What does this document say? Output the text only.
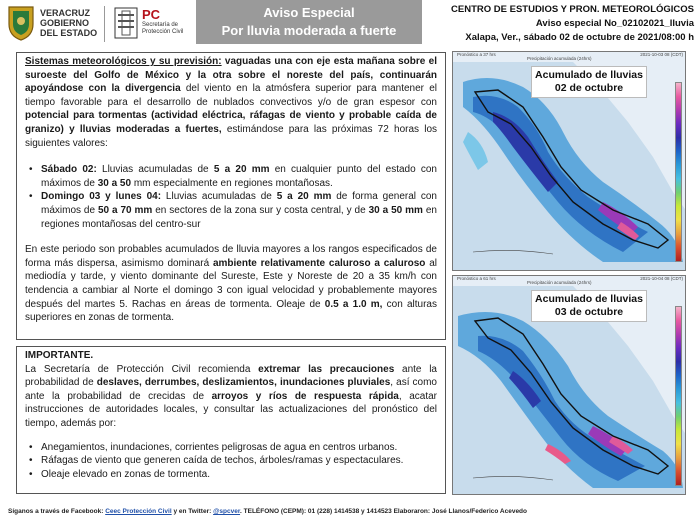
VERACRUZ
GOBIERNO
DEL ESTADO
PC
Secretaría de
Protección Civil
Aviso Especial
Por lluvia moderada a fuerte
CENTRO DE ESTUDIOS Y PRON. METEOROLÓGICOS
Aviso especial No_02102021_lluvia
Xalapa, Ver., sábado 02 de octubre de 2021/08:00 h

Sistemas meteorológicos y su previsión: vaguadas una con eje esta mañana sobre el suroeste del Golfo de México y la otra sobre el noreste del país, continuarán apoyándose con la divergencia del viento en la atmósfera superior para mantener el tiempo favorable para el desarrollo de nublados convectivos y/o de gran espesor con potencial para tormentas (actividad eléctrica, ráfagas de viento y probable caída de granizo) y lluvias moderadas a fuertes, estimándose para las próximas 72 horas los siguientes valores:

• Sábado 02: Lluvias acumuladas de 5 a 20 mm en cualquier punto del estado con máximos de 30 a 50 mm especialmente en regiones montañosas.
• Domingo 03 y lunes 04: Lluvias acumuladas de 5 a 20 mm de forma general con máximos de 50 a 70 mm en sectores de la zona sur y costa central, y de 30 a 50 mm en regiones montañosas del centro-sur

En este periodo son probables acumulados de lluvia mayores a los rangos especificados de forma más dispersa, asimismo dominará ambiente relativamente caluroso a caluroso al mediodía y tarde, y viento dominante del Sureste, Este y Noreste de 20 a 35 km/h con tendencia a cambiar al Norte el domingo 3 con igual velocidad y probablemente mayores después del martes 5. Rachas en áreas de tormenta. Oleaje de 0.5 a 1.0 m, con alturas superiores en zonas de tormenta.

IMPORTANTE.
La Secretaría de Protección Civil recomienda extremar las precauciones ante la probabilidad de deslaves, derrumbes, deslizamientos, inundaciones pluviales, así como ante la probabilidad de crecidas de arroyos y ríos de respuesta rápida, acatar instrucciones de autoridades locales, y consultar las actualizaciones del pronóstico del tiempo, además por:
• Anegamientos, inundaciones, corrientes peligrosas de agua en centros urbanos.
• Ráfagas de viento que generen caída de techos, árboles/ramas y espectaculares.
• Oleaje elevado en zonas de tormenta.
Pronóstico a 37 hrs
Precipitación acumulada (24hrs)
2021-10-03 08 (CDT)
Acumulado de lluvias
02 de octubre
Pronóstico a 61 hrs
Precipitación acumulada (24hrs)
2021-10-04 08 (CDT)
Acumulado de lluvias
03 de octubre
Síganos a través de Facebook: Ceec Protección Civil y en Twitter: @spcver. TELÉFONO (CEPM): 01 (228) 1414538 y 1414523 Elaboraron: José Llanos/Federico Acevedo
